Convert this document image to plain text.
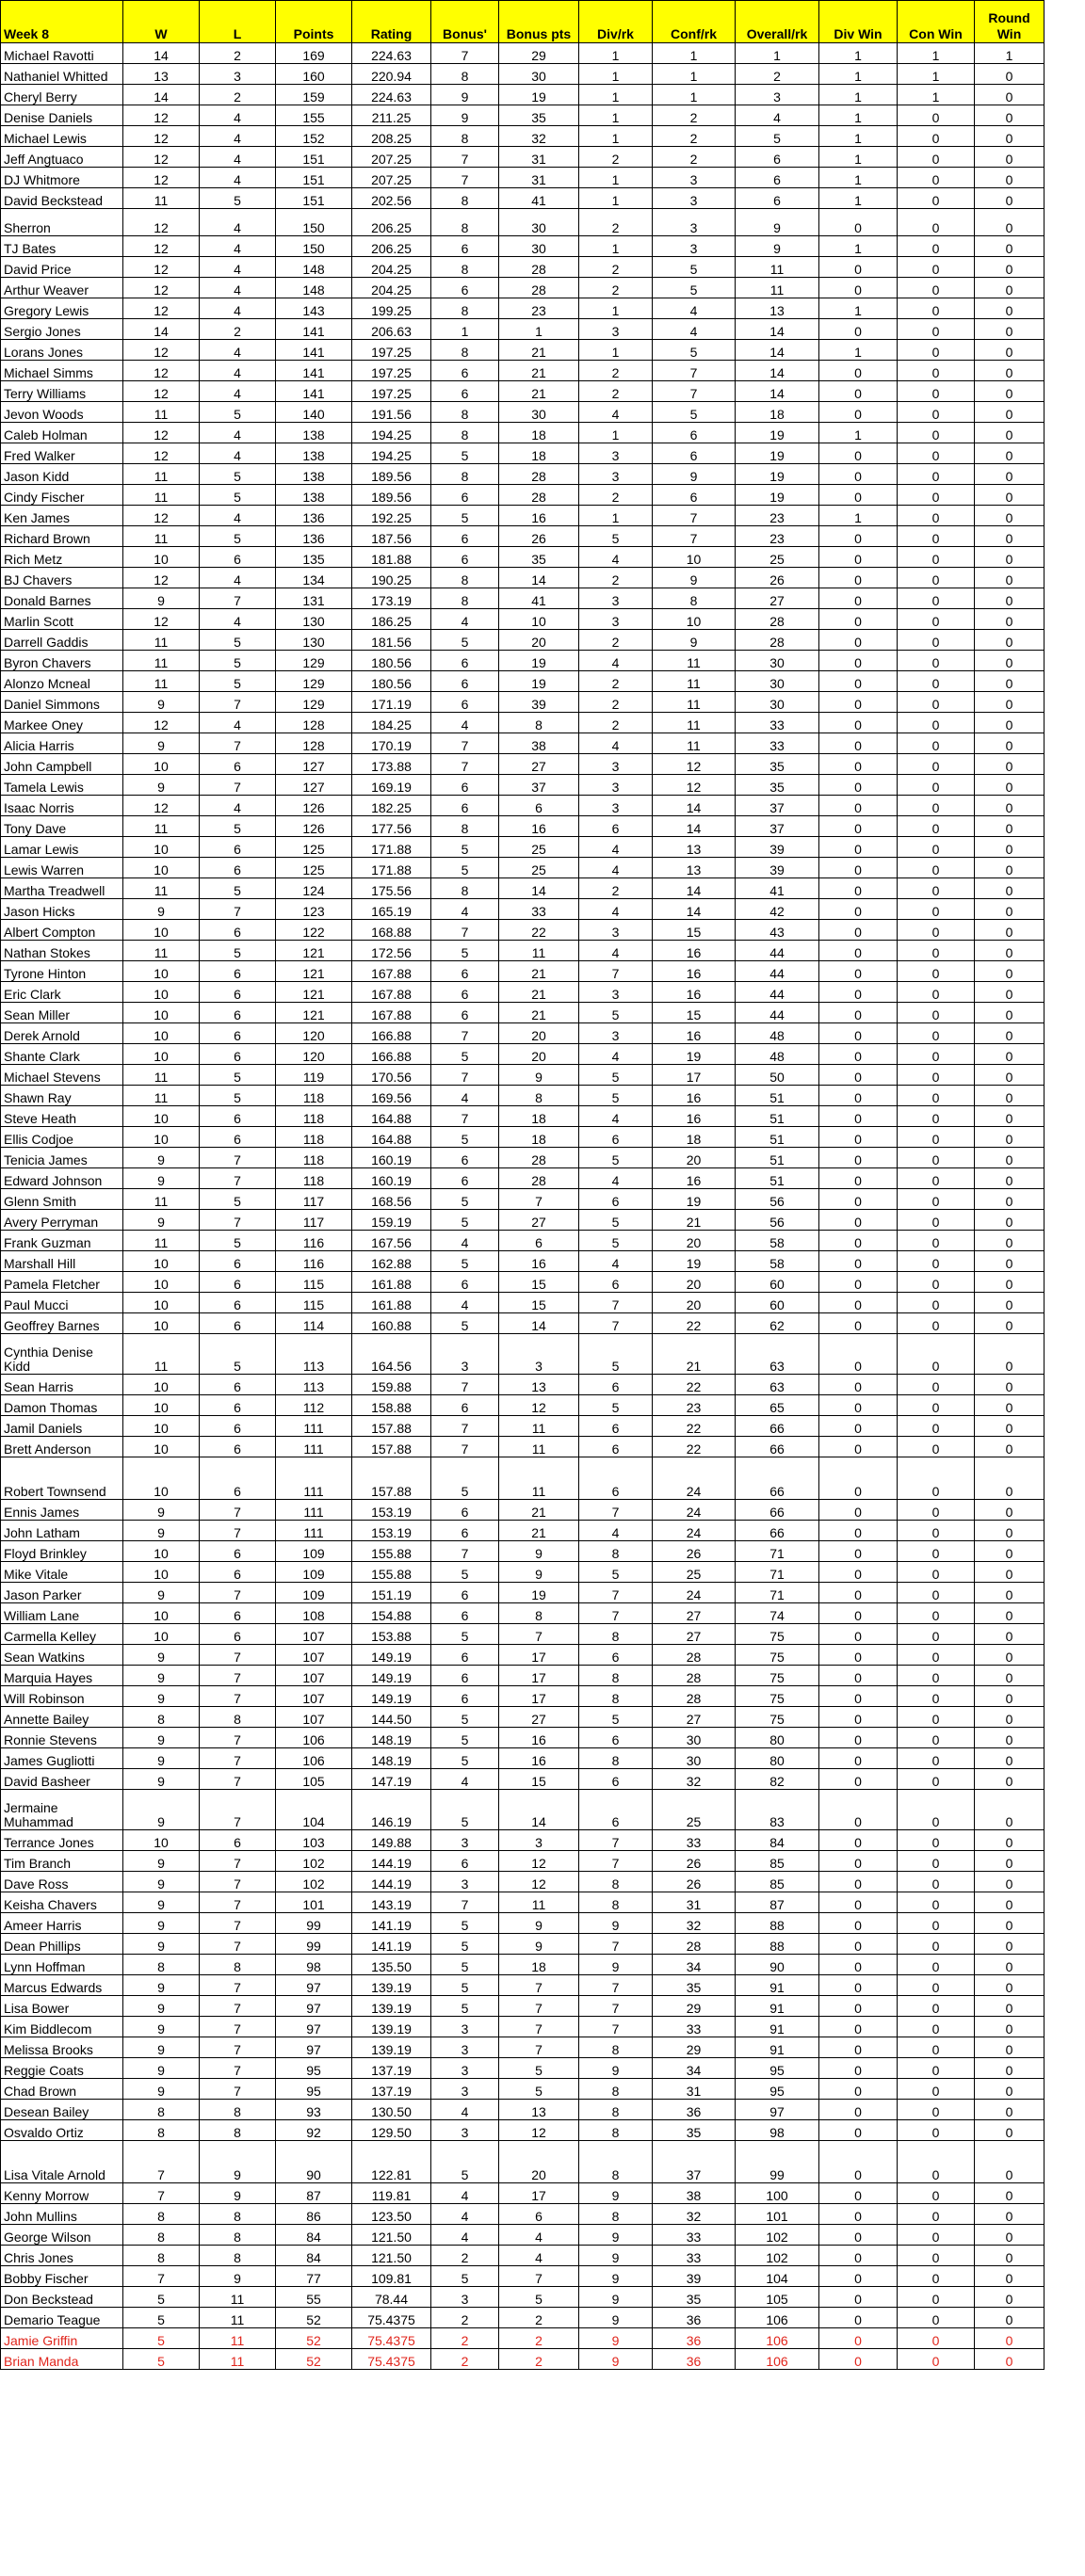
Week 8	W	L	Points	Rating	Bonus'	Bonus pts	Div/rk	Conf/rk	Overall/rk	Div Win	Con Win	Round Win
Michael Ravotti	14	2	169	224.63	7	29	1	1	1	1	1	1
Nathaniel Whitted	13	3	160	220.94	8	30	1	1	2	1	1	0
Cheryl Berry	14	2	159	224.63	9	19	1	1	3	1	1	0
Denise Daniels	12	4	155	211.25	9	35	1	2	4	1	0	0
Michael Lewis	12	4	152	208.25	8	32	1	2	5	1	0	0
Jeff Angtuaco	12	4	151	207.25	7	31	2	2	6	1	0	0
DJ Whitmore	12	4	151	207.25	7	31	1	3	6	1	0	0
David Beckstead	11	5	151	202.56	8	41	1	3	6	1	0	0
Sherron	12	4	150	206.25	8	30	2	3	9	0	0	0
TJ Bates	12	4	150	206.25	6	30	1	3	9	1	0	0
David Price	12	4	148	204.25	8	28	2	5	11	0	0	0
Arthur Weaver	12	4	148	204.25	6	28	2	5	11	0	0	0
Gregory Lewis	12	4	143	199.25	8	23	1	4	13	1	0	0
Sergio Jones	14	2	141	206.63	1	1	3	4	14	0	0	0
Lorans Jones	12	4	141	197.25	8	21	1	5	14	1	0	0
Michael Simms	12	4	141	197.25	6	21	2	7	14	0	0	0
Terry Williams	12	4	141	197.25	6	21	2	7	14	0	0	0
Jevon Woods	11	5	140	191.56	8	30	4	5	18	0	0	0
Caleb Holman	12	4	138	194.25	8	18	1	6	19	1	0	0
Fred Walker	12	4	138	194.25	5	18	3	6	19	0	0	0
Jason Kidd	11	5	138	189.56	8	28	3	9	19	0	0	0
Cindy Fischer	11	5	138	189.56	6	28	2	6	19	0	0	0
Ken James	12	4	136	192.25	5	16	1	7	23	1	0	0
Richard Brown	11	5	136	187.56	6	26	5	7	23	0	0	0
Rich Metz	10	6	135	181.88	6	35	4	10	25	0	0	0
BJ Chavers	12	4	134	190.25	8	14	2	9	26	0	0	0
Donald Barnes	9	7	131	173.19	8	41	3	8	27	0	0	0
Marlin Scott	12	4	130	186.25	4	10	3	10	28	0	0	0
Darrell Gaddis	11	5	130	181.56	5	20	2	9	28	0	0	0
Byron Chavers	11	5	129	180.56	6	19	4	11	30	0	0	0
Alonzo Mcneal	11	5	129	180.56	6	19	2	11	30	0	0	0
Daniel Simmons	9	7	129	171.19	6	39	2	11	30	0	0	0
Markee Oney	12	4	128	184.25	4	8	2	11	33	0	0	0
Alicia Harris	9	7	128	170.19	7	38	4	11	33	0	0	0
John Campbell	10	6	127	173.88	7	27	3	12	35	0	0	0
Tamela Lewis	9	7	127	169.19	6	37	3	12	35	0	0	0
Isaac Norris	12	4	126	182.25	6	6	3	14	37	0	0	0
Tony Dave	11	5	126	177.56	8	16	6	14	37	0	0	0
Lamar Lewis	10	6	125	171.88	5	25	4	13	39	0	0	0
Lewis Warren	10	6	125	171.88	5	25	4	13	39	0	0	0
Martha Treadwell	11	5	124	175.56	8	14	2	14	41	0	0	0
Jason Hicks	9	7	123	165.19	4	33	4	14	42	0	0	0
Albert Compton	10	6	122	168.88	7	22	3	15	43	0	0	0
Nathan Stokes	11	5	121	172.56	5	11	4	16	44	0	0	0
Tyrone Hinton	10	6	121	167.88	6	21	7	16	44	0	0	0
Eric Clark	10	6	121	167.88	6	21	3	16	44	0	0	0
Sean Miller	10	6	121	167.88	6	21	5	15	44	0	0	0
Derek Arnold	10	6	120	166.88	7	20	3	16	48	0	0	0
Shante Clark	10	6	120	166.88	5	20	4	19	48	0	0	0
Michael Stevens	11	5	119	170.56	7	9	5	17	50	0	0	0
Shawn Ray	11	5	118	169.56	4	8	5	16	51	0	0	0
Steve Heath	10	6	118	164.88	7	18	4	16	51	0	0	0
Ellis Codjoe	10	6	118	164.88	5	18	6	18	51	0	0	0
Tenicia James	9	7	118	160.19	6	28	5	20	51	0	0	0
Edward Johnson	9	7	118	160.19	6	28	4	16	51	0	0	0
Glenn Smith	11	5	117	168.56	5	7	6	19	56	0	0	0
Avery Perryman	9	7	117	159.19	5	27	5	21	56	0	0	0
Frank Guzman	11	5	116	167.56	4	6	5	20	58	0	0	0
Marshall Hill	10	6	116	162.88	5	16	4	19	58	0	0	0
Pamela Fletcher	10	6	115	161.88	6	15	6	20	60	0	0	0
Paul Mucci	10	6	115	161.88	4	15	7	20	60	0	0	0
Geoffrey Barnes	10	6	114	160.88	5	14	7	22	62	0	0	0
Cynthia Denise Kidd	11	5	113	164.56	3	3	5	21	63	0	0	0
Sean Harris	10	6	113	159.88	7	13	6	22	63	0	0	0
Damon Thomas	10	6	112	158.88	6	12	5	23	65	0	0	0
Jamil Daniels	10	6	111	157.88	7	11	6	22	66	0	0	0
Brett Anderson	10	6	111	157.88	7	11	6	22	66	0	0	0
Robert Townsend	10	6	111	157.88	5	11	6	24	66	0	0	0
Ennis James	9	7	111	153.19	6	21	7	24	66	0	0	0
John Latham	9	7	111	153.19	6	21	4	24	66	0	0	0
Floyd Brinkley	10	6	109	155.88	7	9	8	26	71	0	0	0
Mike Vitale	10	6	109	155.88	5	9	5	25	71	0	0	0
Jason Parker	9	7	109	151.19	6	19	7	24	71	0	0	0
William Lane	10	6	108	154.88	6	8	7	27	74	0	0	0
Carmella Kelley	10	6	107	153.88	5	7	8	27	75	0	0	0
Sean Watkins	9	7	107	149.19	6	17	6	28	75	0	0	0
Marquia Hayes	9	7	107	149.19	6	17	8	28	75	0	0	0
Will Robinson	9	7	107	149.19	6	17	8	28	75	0	0	0
Annette Bailey	8	8	107	144.50	5	27	5	27	75	0	0	0
Ronnie Stevens	9	7	106	148.19	5	16	6	30	80	0	0	0
James Gugliotti	9	7	106	148.19	5	16	8	30	80	0	0	0
David Basheer	9	7	105	147.19	4	15	6	32	82	0	0	0
Jermaine Muhammad	9	7	104	146.19	5	14	6	25	83	0	0	0
Terrance Jones	10	6	103	149.88	3	3	7	33	84	0	0	0
Tim Branch	9	7	102	144.19	6	12	7	26	85	0	0	0
Dave Ross	9	7	102	144.19	3	12	8	26	85	0	0	0
Keisha Chavers	9	7	101	143.19	7	11	8	31	87	0	0	0
Ameer Harris	9	7	99	141.19	5	9	9	32	88	0	0	0
Dean Phillips	9	7	99	141.19	5	9	7	28	88	0	0	0
Lynn Hoffman	8	8	98	135.50	5	18	9	34	90	0	0	0
Marcus Edwards	9	7	97	139.19	5	7	7	35	91	0	0	0
Lisa Bower	9	7	97	139.19	5	7	7	29	91	0	0	0
Kim Biddlecom	9	7	97	139.19	3	7	7	33	91	0	0	0
Melissa Brooks	9	7	97	139.19	3	7	8	29	91	0	0	0
Reggie Coats	9	7	95	137.19	3	5	9	34	95	0	0	0
Chad Brown	9	7	95	137.19	3	5	8	31	95	0	0	0
Desean Bailey	8	8	93	130.50	4	13	8	36	97	0	0	0
Osvaldo Ortiz	8	8	92	129.50	3	12	8	35	98	0	0	0
Lisa Vitale Arnold	7	9	90	122.81	5	20	8	37	99	0	0	0
Kenny Morrow	7	9	87	119.81	4	17	9	38	100	0	0	0
John Mullins	8	8	86	123.50	4	6	8	32	101	0	0	0
George Wilson	8	8	84	121.50	4	4	9	33	102	0	0	0
Chris Jones	8	8	84	121.50	2	4	9	33	102	0	0	0
Bobby Fischer	7	9	77	109.81	5	7	9	39	104	0	0	0
Don Beckstead	5	11	55	78.44	3	5	9	35	105	0	0	0
Demario Teague	5	11	52	75.4375	2	2	9	36	106	0	0	0
Jamie Griffin	5	11	52	75.4375	2	2	9	36	106	0	0	0
Brian Manda	5	11	52	75.4375	2	2	9	36	106	0	0	0
